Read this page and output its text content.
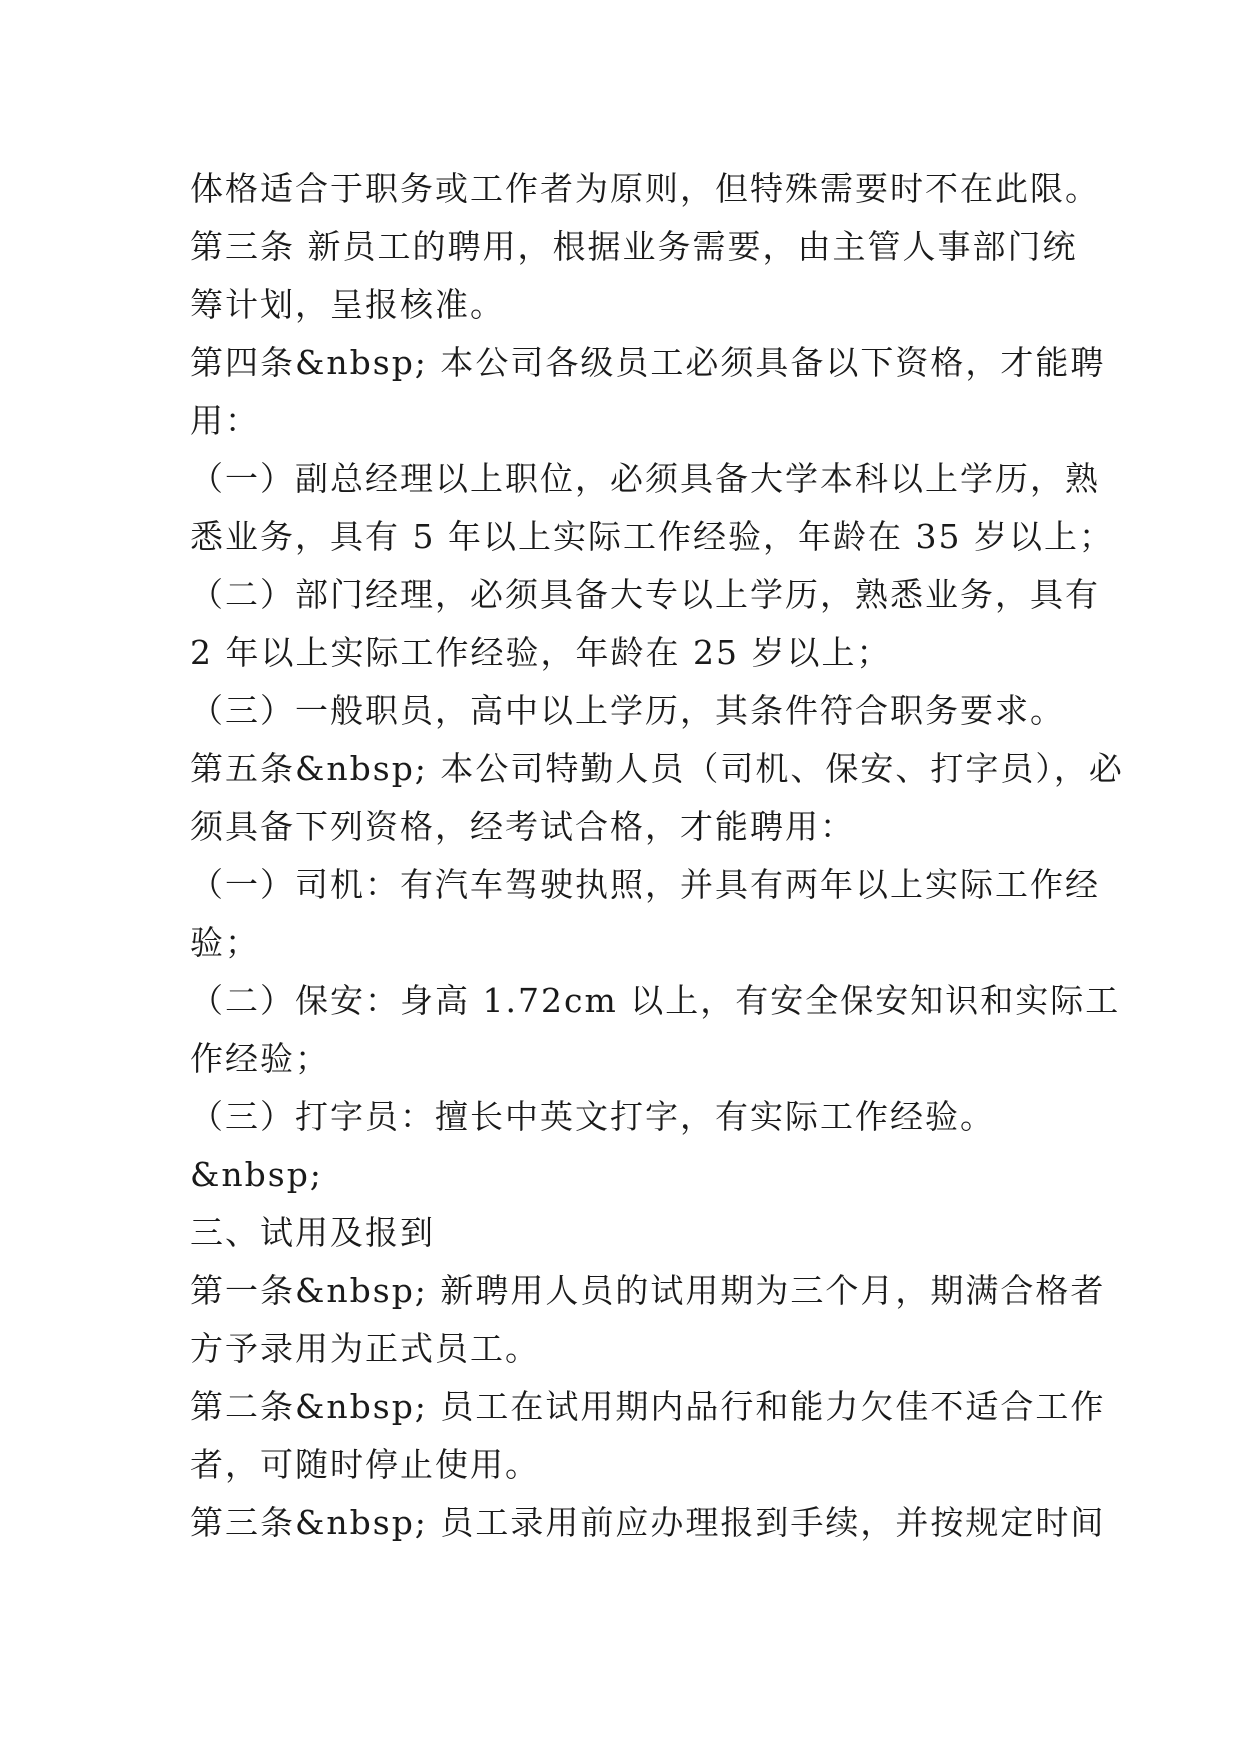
体格适合于职务或工作者为原则，但特殊需要时不在此限。
第三条 新员工的聘用，根据业务需要，由主管人事部门统
筹计划，呈报核准。
第四条&nbsp; 本公司各级员工必须具备以下资格，才能聘
用：
（一）副总经理以上职位，必须具备大学本科以上学历，熟
悉业务，具有 5 年以上实际工作经验，年龄在 35 岁以上；
（二）部门经理，必须具备大专以上学历，熟悉业务，具有
2 年以上实际工作经验，年龄在 25 岁以上；
（三）一般职员，高中以上学历，其条件符合职务要求。
第五条&nbsp; 本公司特勤人员（司机、保安、打字员），必
须具备下列资格，经考试合格，才能聘用：
（一）司机：有汽车驾驶执照，并具有两年以上实际工作经
验；
（二）保安：身高 1.72cm 以上，有安全保安知识和实际工
作经验；
（三）打字员：擅长中英文打字，有实际工作经验。
&nbsp;
三、试用及报到
第一条&nbsp; 新聘用人员的试用期为三个月，期满合格者
方予录用为正式员工。
第二条&nbsp; 员工在试用期内品行和能力欠佳不适合工作
者，可随时停止使用。
第三条&nbsp; 员工录用前应办理报到手续，并按规定时间
